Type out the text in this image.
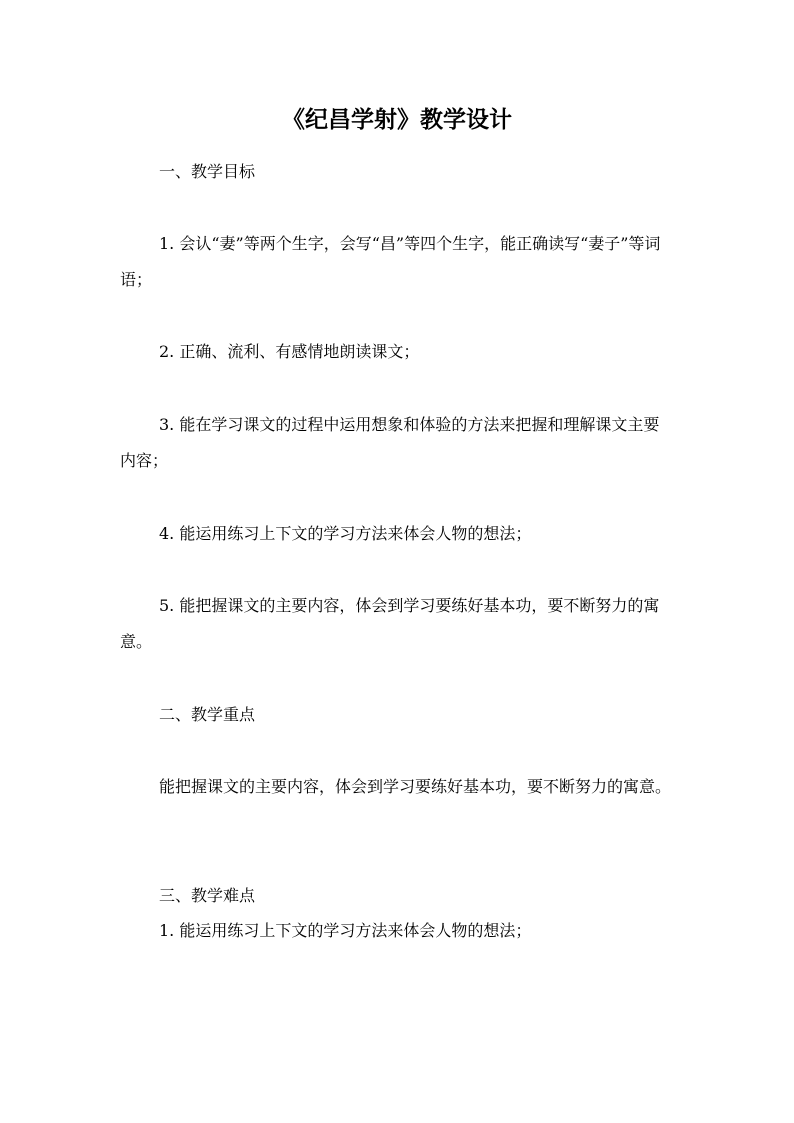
《纪昌学射》教学设计

一、教学目标

1. 会认“妻”等两个生字，会写“昌”等四个生字，能正确读写“妻子”等词语；

2. 正确、流利、有感情地朗读课文；

3. 能在学习课文的过程中运用想象和体验的方法来把握和理解课文主要内容；

4. 能运用练习上下文的学习方法来体会人物的想法；

5. 能把握课文的主要内容，体会到学习要练好基本功，要不断努力的寓意。

二、教学重点

能把握课文的主要内容，体会到学习要练好基本功，要不断努力的寓意。

三、教学难点

1. 能运用练习上下文的学习方法来体会人物的想法；
